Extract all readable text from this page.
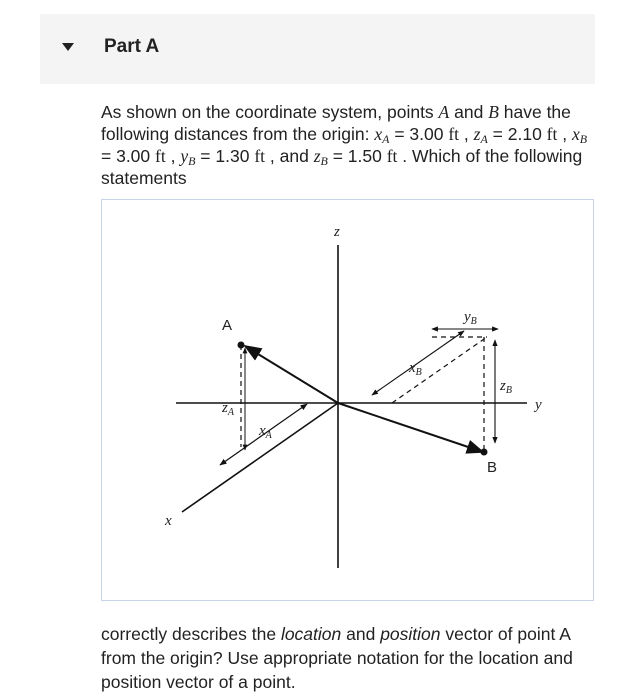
Part A
As shown on the coordinate system, points A and B have the following distances from the origin: $x_A = 3.00$ ft , $z_A = 2.10$ ft , $x_B = 3.00$ ft , $y_B = 1.30$ ft , and $z_B = 1.50$ ft . Which of the following statements
z
y
x
A
B
$z_A$
$x_A$
$x_B$
$y_B$
$z_B$
correctly describes the location and position vector of point A from the origin? Use appropriate notation for the location and position vector of a point.
